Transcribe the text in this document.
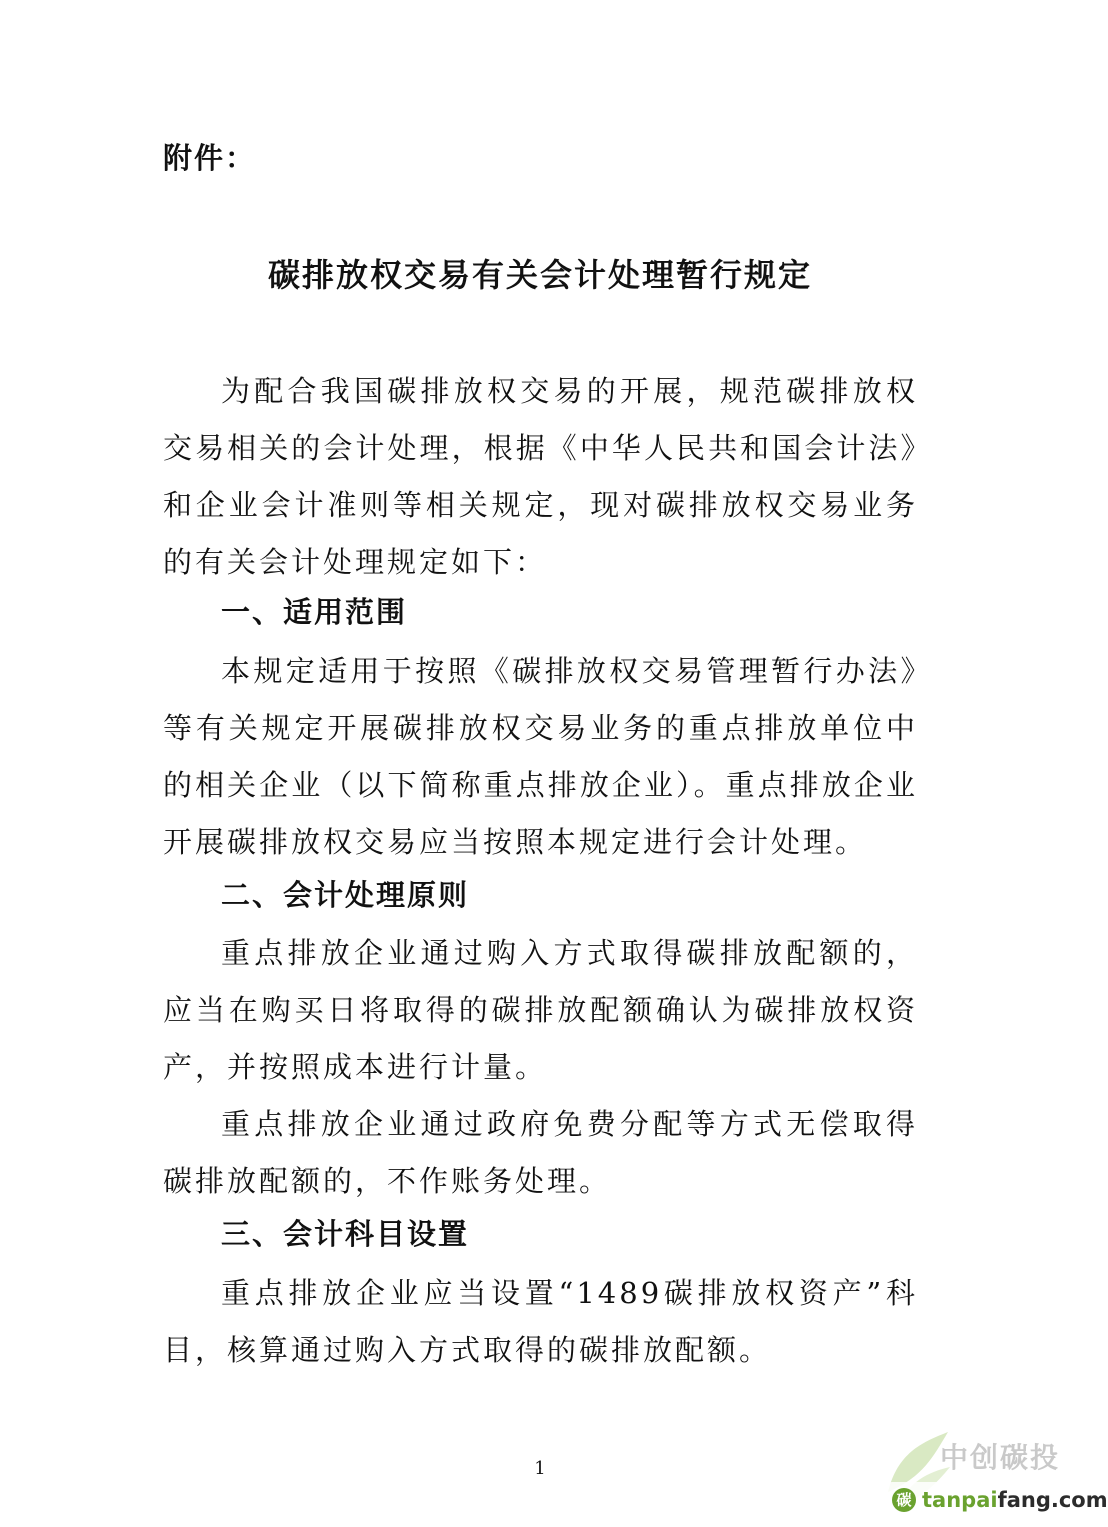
附件：

碳排放权交易有关会计处理暂行规定

为配合我国碳排放权交易的开展，规范碳排放权交易相关的会计处理，根据《中华人民共和国会计法》和企业会计准则等相关规定，现对碳排放权交易业务的有关会计处理规定如下：

一、适用范围

本规定适用于按照《碳排放权交易管理暂行办法》等有关规定开展碳排放权交易业务的重点排放单位中的相关企业（以下简称重点排放企业）。重点排放企业开展碳排放权交易应当按照本规定进行会计处理。

二、会计处理原则

重点排放企业通过购入方式取得碳排放配额的，应当在购买日将取得的碳排放配额确认为碳排放权资产，并按照成本进行计量。

重点排放企业通过政府免费分配等方式无偿取得碳排放配额的，不作账务处理。

三、会计科目设置

重点排放企业应当设置“1489碳排放权资产”科目，核算通过购入方式取得的碳排放配额。

1	中创碳投
碳 tanpaifang.com
